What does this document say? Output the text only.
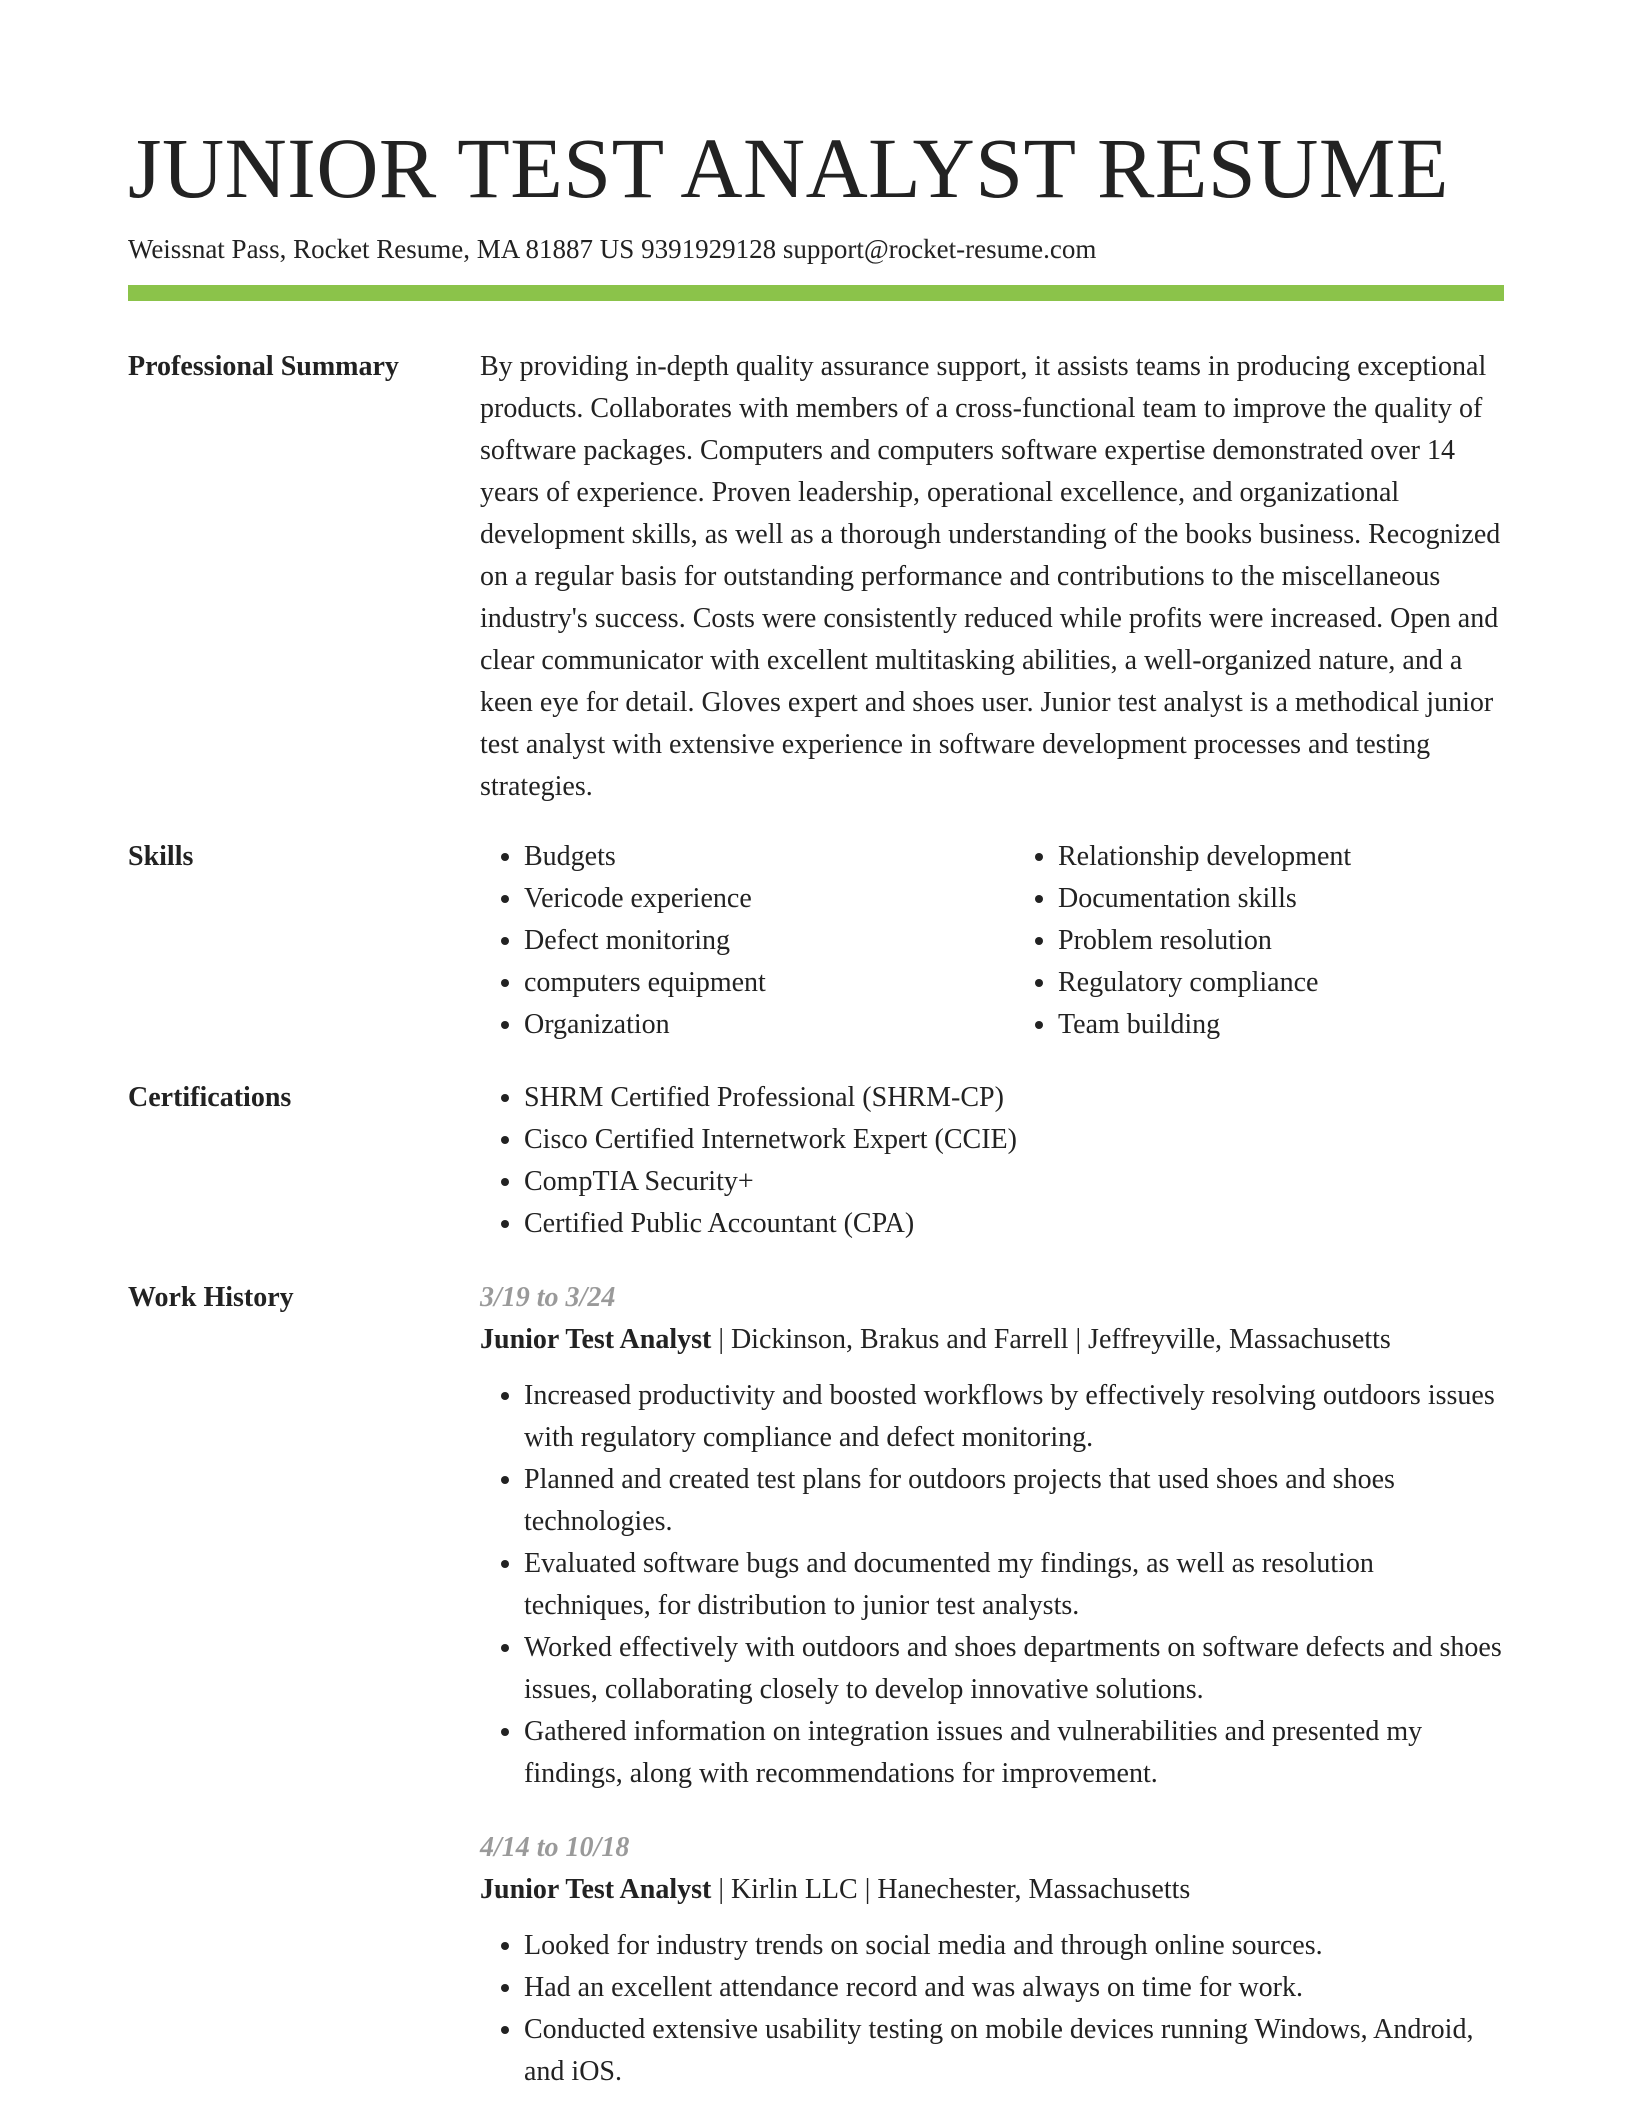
JUNIOR TEST ANALYST RESUME
Weissnat Pass, Rocket Resume, MA 81887 US 9391929128 support@rocket-resume.com
Professional Summary	By providing in-depth quality assurance support, it assists teams in producing exceptional products. Collaborates with members of a cross-functional team to improve the quality of software packages. Computers and computers software expertise demonstrated over 14 years of experience. Proven leadership, operational excellence, and organizational development skills, as well as a thorough understanding of the books business. Recognized on a regular basis for outstanding performance and contributions to the miscellaneous industry's success. Costs were consistently reduced while profits were increased. Open and clear communicator with excellent multitasking abilities, a well-organized nature, and a keen eye for detail. Gloves expert and shoes user. Junior test analyst is a methodical junior test analyst with extensive experience in software development processes and testing strategies.

Skills	• Budgets
• Vericode experience
• Defect monitoring
• computers equipment
• Organization
• Relationship development
• Documentation skills
• Problem resolution
• Regulatory compliance
• Team building
Certifications	• SHRM Certified Professional (SHRM-CP)
• Cisco Certified Internetwork Expert (CCIE)
• CompTIA Security+
• Certified Public Accountant (CPA)
Work History	3/19 to 3/24
Junior Test Analyst | Dickinson, Brakus and Farrell | Jeffreyville, Massachusetts
• Increased productivity and boosted workflows by effectively resolving outdoors issues with regulatory compliance and defect monitoring.
• Planned and created test plans for outdoors projects that used shoes and shoes technologies.
• Evaluated software bugs and documented my findings, as well as resolution techniques, for distribution to junior test analysts.
• Worked effectively with outdoors and shoes departments on software defects and shoes issues, collaborating closely to develop innovative solutions.
• Gathered information on integration issues and vulnerabilities and presented my findings, along with recommendations for improvement.
4/14 to 10/18
Junior Test Analyst | Kirlin LLC | Hanechester, Massachusetts
• Looked for industry trends on social media and through online sources.
• Had an excellent attendance record and was always on time for work.
• Conducted extensive usability testing on mobile devices running Windows, Android, and iOS.
